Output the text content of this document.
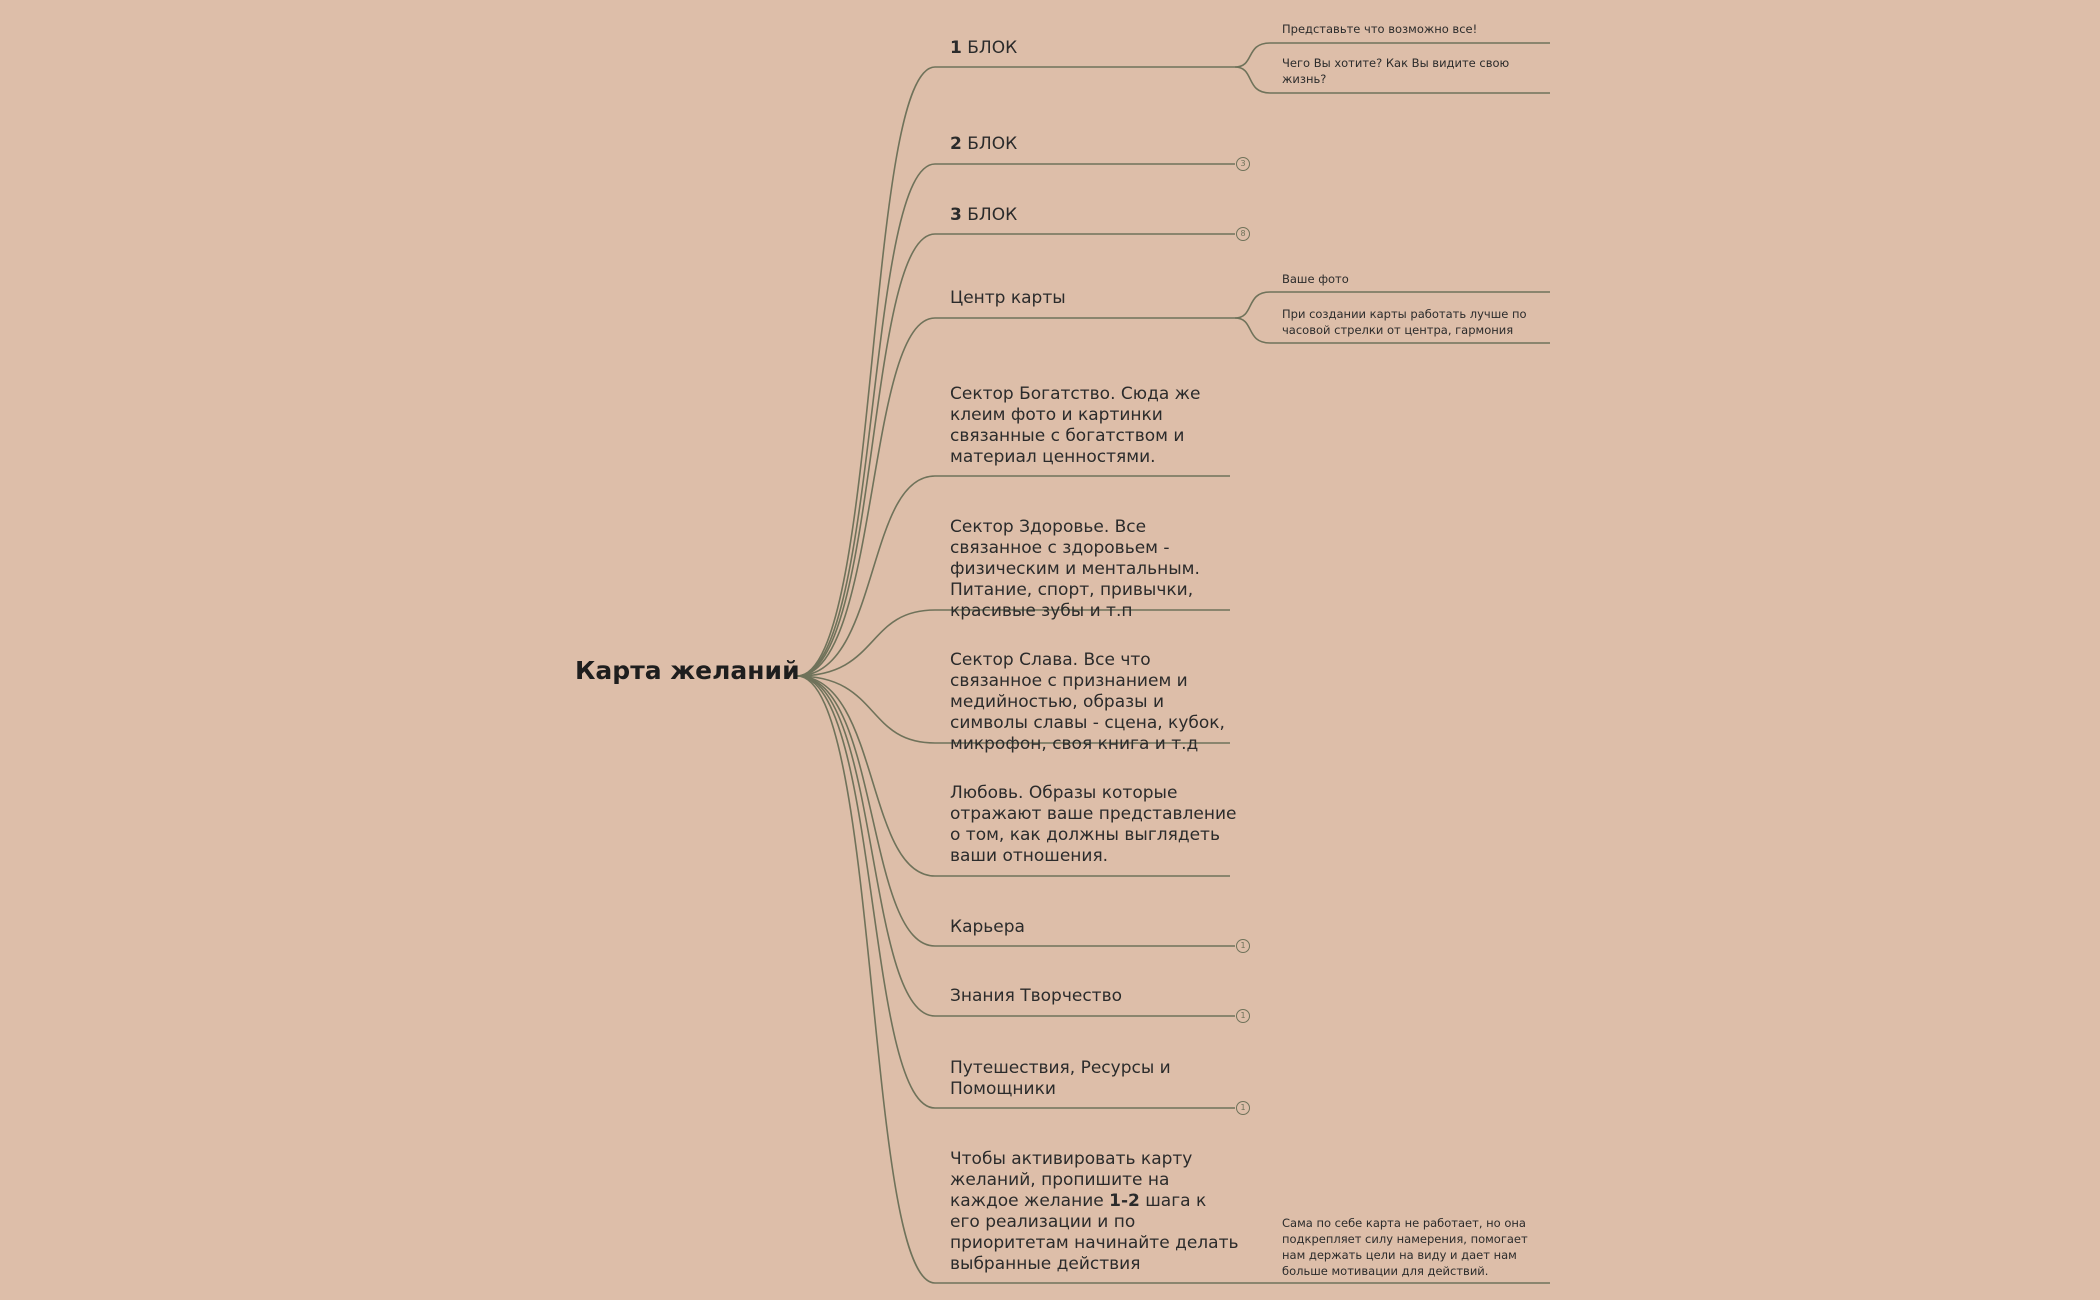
Карта желаний
1 БЛОК
2 БЛОК
3
3 БЛОК
8
Центр карты
Сектор Богатство. Сюда же клеим фото и картинки связанные с богатством и материал ценностями.
Сектор Здоровье. Все связанное с здоровьем - физическим и ментальным. Питание, спорт, привычки, красивые зубы и т.п
Сектор Слава. Все что связанное с признанием и медийностью, образы и символы славы - сцена, кубок, микрофон, своя книга и т.д
Любовь. Образы которые отражают ваше представление о том, как должны выглядеть ваши отношения.
Карьера
1
Знания Творчество
1
Путешествия, Ресурсы и Помощники
1
Чтобы активировать карту желаний, пропишите на каждое желание 1-2 шага к его реализации и по приоритетам начинайте делать выбранные действия
Представьте что возможно все!
Чего Вы хотите? Как Вы видите свою жизнь?
Ваше фото
При создании карты работать лучше по часовой стрелки от центра, гармония
Сама по себе карта не работает, но она подкрепляет силу намерения, помогает нам держать цели на виду и дает нам больше мотивации для действий.
